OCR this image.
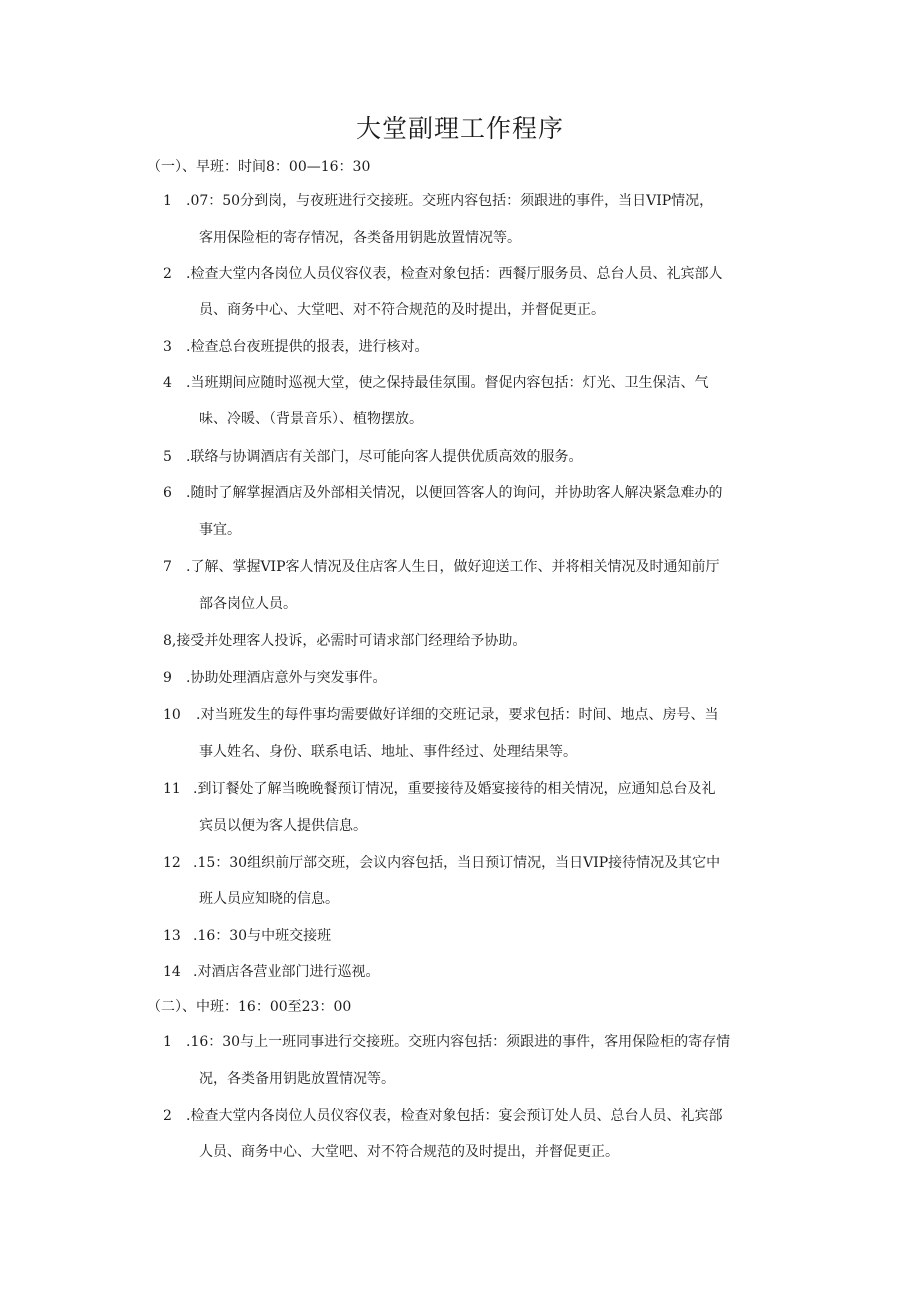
大堂副理工作程序
（一）、早班：时间8：00—16：30
1 .07：50分到岗，与夜班进行交接班。交班内容包括：须跟进的事件，当日VIP情况，
客用保险柜的寄存情况，各类备用钥匙放置情况等。
2 .检查大堂内各岗位人员仪容仪表，检查对象包括：西餐厅服务员、总台人员、礼宾部人
员、商务中心、大堂吧、对不符合规范的及时提出，并督促更正。
3 .检查总台夜班提供的报表，进行核对。
4 .当班期间应随时巡视大堂，使之保持最佳氛围。督促内容包括：灯光、卫生保洁、气
味、冷暖、（背景音乐）、植物摆放。
5 .联络与协调酒店有关部门，尽可能向客人提供优质高效的服务。
6 .随时了解掌握酒店及外部相关情况，以便回答客人的询问，并协助客人解决紧急难办的
事宜。
7 .了解、掌握VIP客人情况及住店客人生日，做好迎送工作、并将相关情况及时通知前厅
部各岗位人员。
8,接受并处理客人投诉，必需时可请求部门经理给予协助。
9 .协助处理酒店意外与突发事件。
10 .对当班发生的每件事均需要做好详细的交班记录，要求包括：时间、地点、房号、当
事人姓名、身份、联系电话、地址、事件经过、处理结果等。
11 .到订餐处了解当晚晚餐预订情况，重要接待及婚宴接待的相关情况，应通知总台及礼
宾员以便为客人提供信息。
12 .15：30组织前厅部交班，会议内容包括，当日预订情况，当日VIP接待情况及其它中
班人员应知晓的信息。
13 .16：30与中班交接班
14 .对酒店各营业部门进行巡视。
（二）、中班：16：00至23：00
1 .16：30与上一班同事进行交接班。交班内容包括：须跟进的事件，客用保险柜的寄存情
况，各类备用钥匙放置情况等。
2 .检查大堂内各岗位人员仪容仪表，检查对象包括：宴会预订处人员、总台人员、礼宾部
人员、商务中心、大堂吧、对不符合规范的及时提出，并督促更正。
